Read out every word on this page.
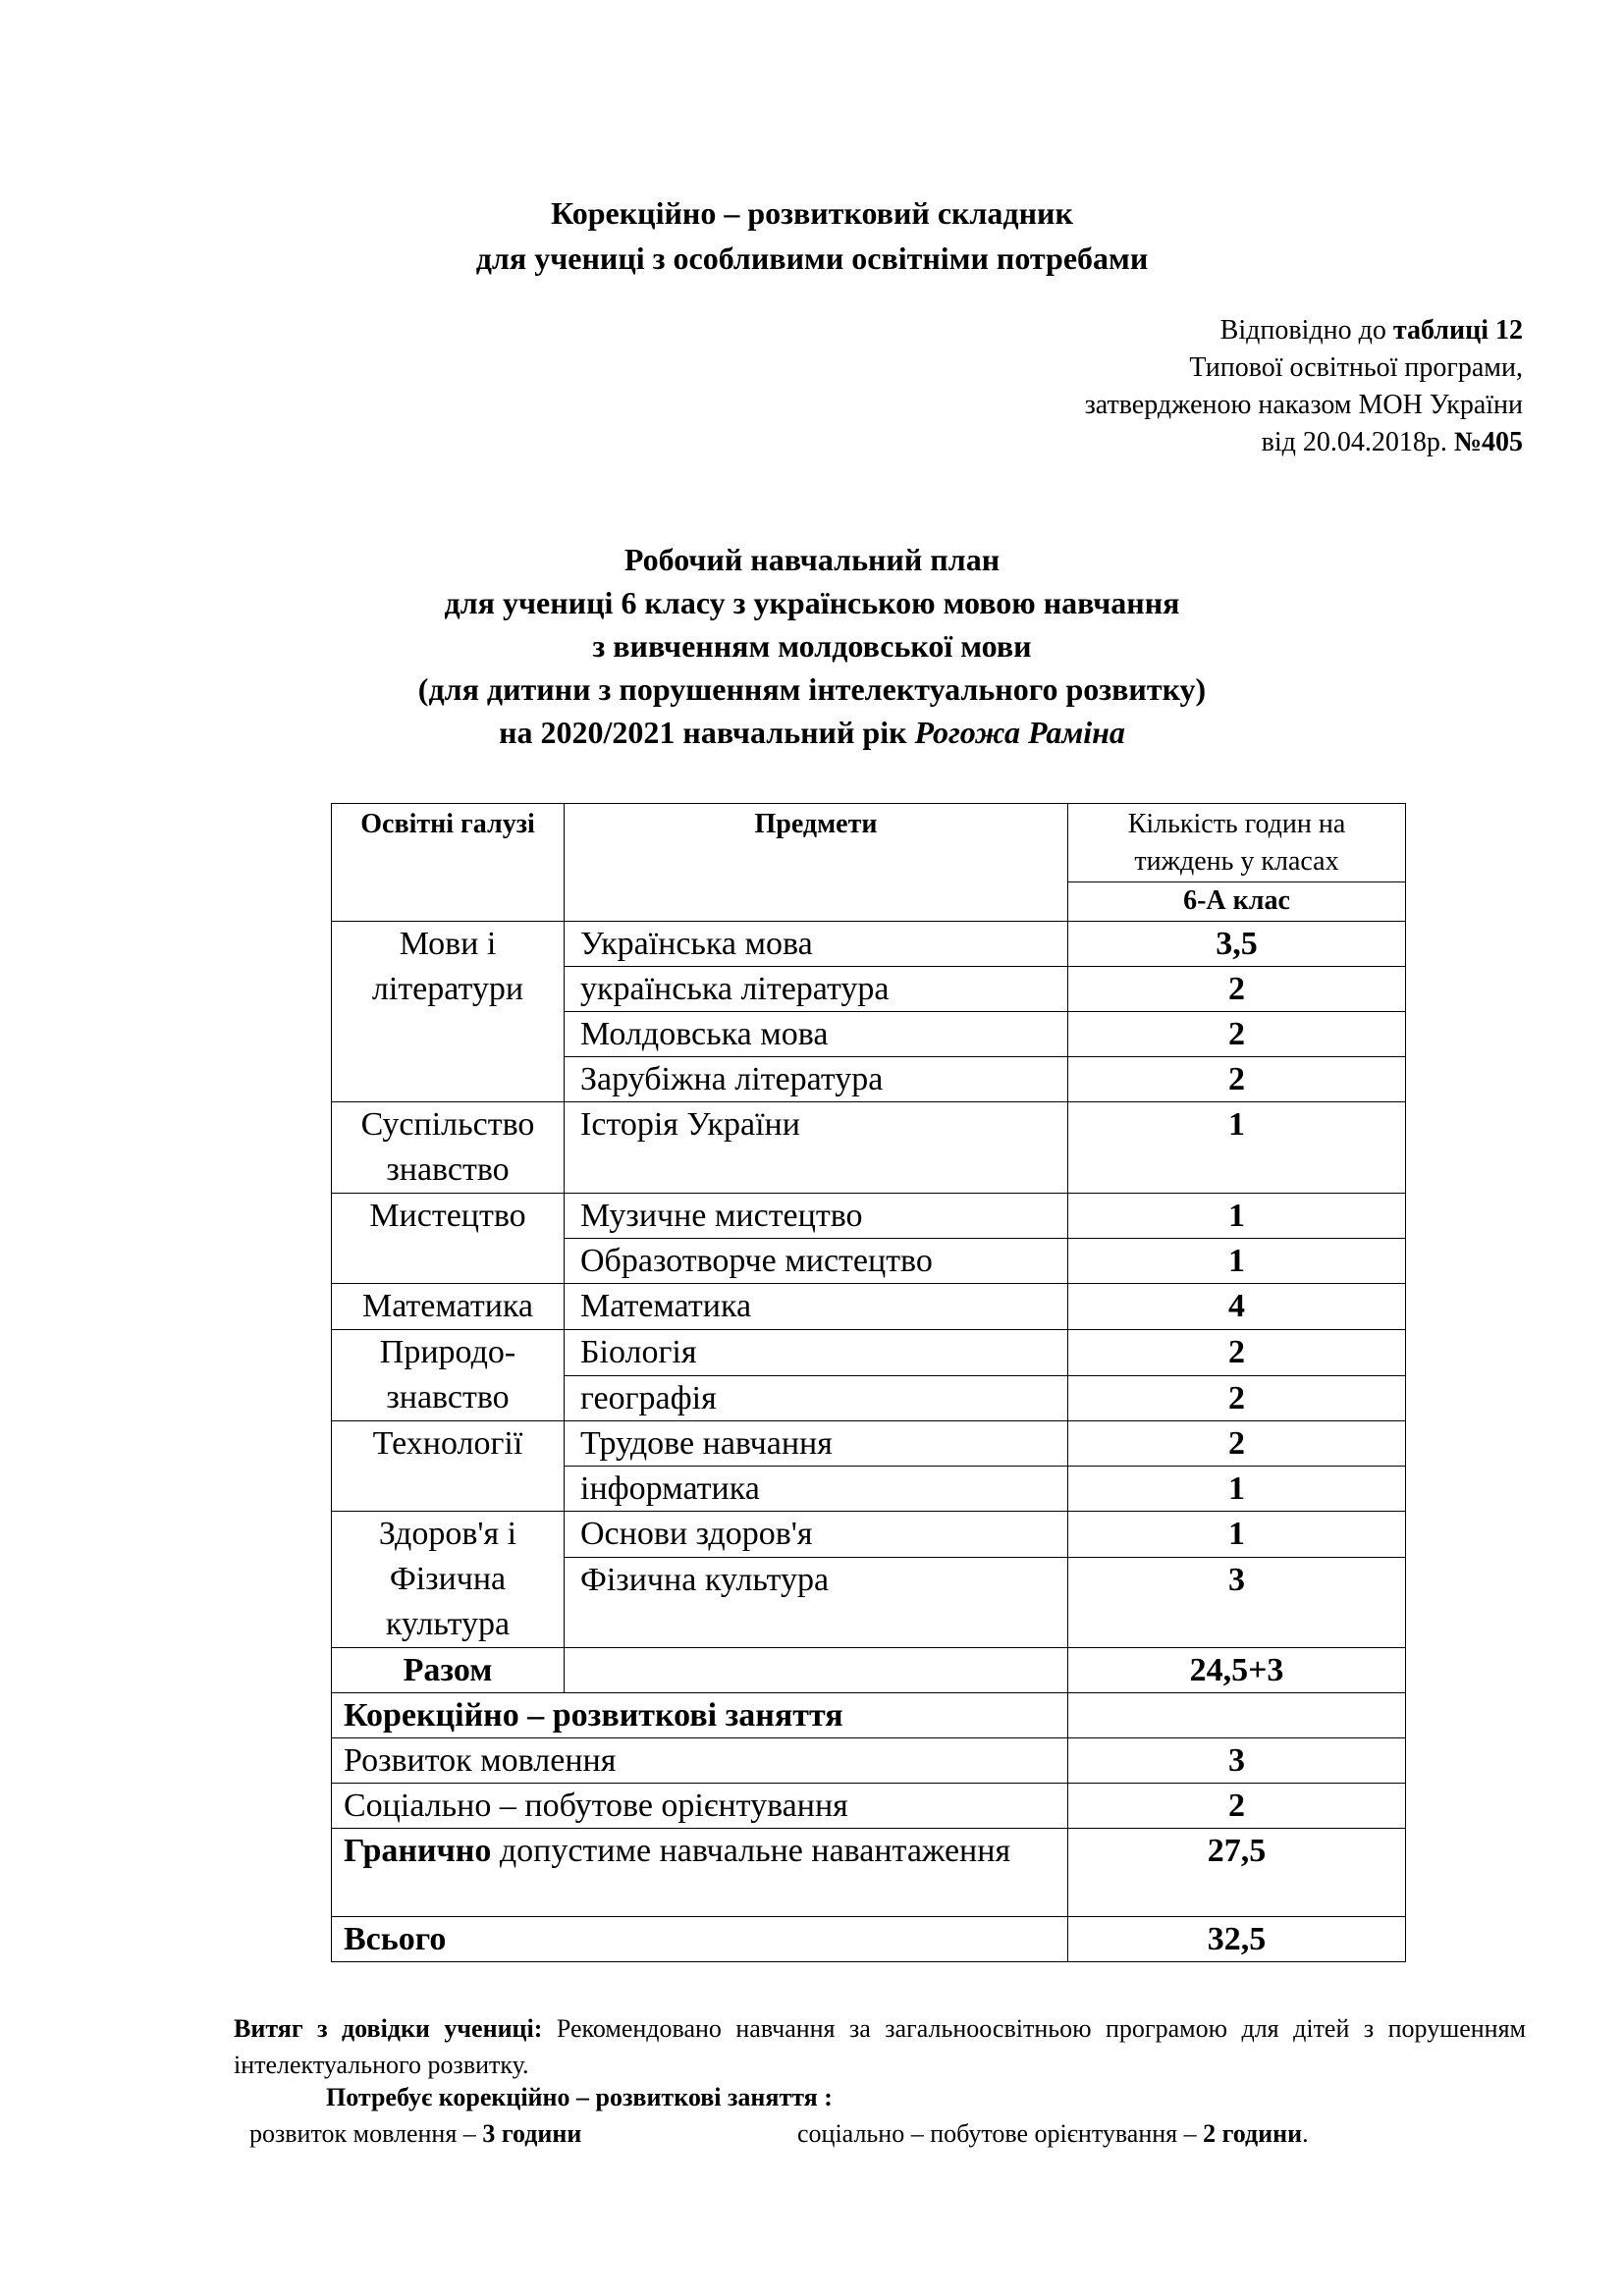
Корекційно – розвитковий складник
для учениці з особливими освітніми потребами
Відповідно до таблиці 12
Типової освітньої програми,
затвердженою наказом МОН України
від 20.04.2018р. №405
Робочий навчальний план
для учениці 6 класу з українською мовою навчання
з вивченням молдовської мови
(для дитини з порушенням інтелектуального розвитку)
на 2020/2021 навчальний рік Рогожа Раміна
Освітні галузі	Предмети	Кількість годин на тиждень у класах
		6-А клас
Мови і літератури	Українська мова	3,5
	українська література	2
	Молдовська мова	2
	Зарубіжна література	2
Суспільство знавство	Історія України	1
Мистецтво	Музичне мистецтво	1
	Образотворче мистецтво	1
Математика	Математика	4
Природо- знавство	Біологія	2
	географія	2
Технології	Трудове навчання	2
	інформатика	1
Здоров'я і Фізична культура	Основи здоров'я	1
	Фізична культура	3
Разом		24,5+3
Корекційно – розвиткові заняття		
Розвиток мовлення		3
Соціально – побутове орієнтування		2
Гранично допустиме навчальне навантаження		27,5
Всього		32,5
Витяг з довідки учениці: Рекомендовано навчання за загальноосвітньою програмою для дітей з порушенням інтелектуального розвитку.
Потребує корекційно – розвиткові заняття :
розвиток мовлення – 3 години	соціально – побутове орієнтування – 2 години.
